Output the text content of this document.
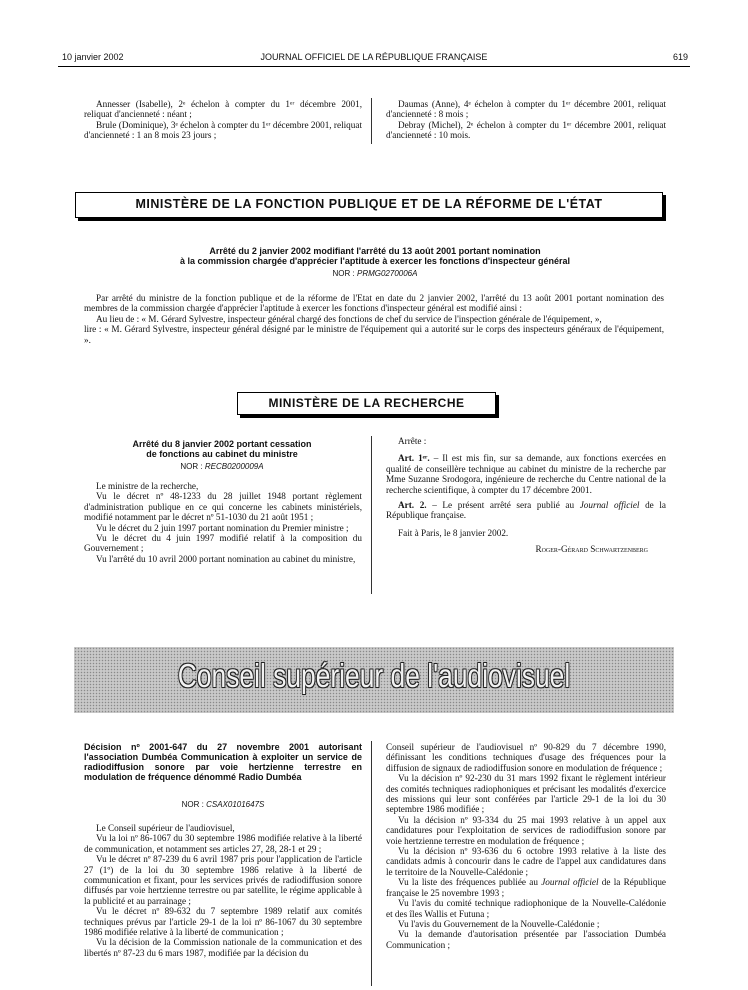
10 janvier 2002	JOURNAL OFFICIEL DE LA RÉPUBLIQUE FRANÇAISE	619

Annesser (Isabelle), 2ᵉ échelon à compter du 1ᵉʳ décembre 2001, reliquat d'ancienneté : néant ;

Brule (Dominique), 3ᵉ échelon à compter du 1ᵉʳ décembre 2001, reliquat d'ancienneté : 1 an 8 mois 23 jours ;

Daumas (Anne), 4ᵉ échelon à compter du 1ᵉʳ décembre 2001, reliquat d'ancienneté : 8 mois ;

Debray (Michel), 2ᵉ échelon à compter du 1ᵉʳ décembre 2001, reliquat d'ancienneté : 10 mois.

MINISTÈRE DE LA FONCTION PUBLIQUE ET DE LA RÉFORME DE L'ÉTAT
Arrêté du 2 janvier 2002 modifiant l'arrêté du 13 août 2001 portant nomination
à la commission chargée d'apprécier l'aptitude à exercer les fonctions d'inspecteur général
NOR : PRMG0270006A

Par arrêté du ministre de la fonction publique et de la réforme de l'Etat en date du 2 janvier 2002, l'arrêté du 13 août 2001 portant nomination des membres de la commission chargée d'apprécier l'aptitude à exercer les fonctions d'inspecteur général est modifié ainsi :

Au lieu de : « M. Gérard Sylvestre, inspecteur général chargé des fonctions de chef du service de l'inspection générale de l'équipement, »,

lire : « M. Gérard Sylvestre, inspecteur général désigné par le ministre de l'équipement qui a autorité sur le corps des inspecteurs généraux de l'équipement, ».

MINISTÈRE DE LA RECHERCHE
Arrêté du 8 janvier 2002 portant cessation
de fonctions au cabinet du ministre
NOR : RECB0200009A

Le ministre de la recherche,

Vu le décret nº 48-1233 du 28 juillet 1948 portant règlement d'administration publique en ce qui concerne les cabinets ministériels, modifié notamment par le décret nº 51-1030 du 21 août 1951 ;

Vu le décret du 2 juin 1997 portant nomination du Premier ministre ;

Vu le décret du 4 juin 1997 modifié relatif à la composition du Gouvernement ;

Vu l'arrêté du 10 avril 2000 portant nomination au cabinet du ministre,

Arrête :

Art. 1ᵉʳ. – Il est mis fin, sur sa demande, aux fonctions exercées en qualité de conseillère technique au cabinet du ministre de la recherche par Mme Suzanne Srodogora, ingénieure de recherche du Centre national de la recherche scientifique, à compter du 17 décembre 2001.

Art. 2. – Le présent arrêté sera publié au Journal officiel de la République française.

Fait à Paris, le 8 janvier 2002.

Roger-Gérard Schwartzenberg

Conseil supérieur de l'audiovisuel
Décision nº 2001-647 du 27 novembre 2001 autorisant l'association Dumbéa Communication à exploiter un service de radiodiffusion sonore par voie hertzienne terrestre en modulation de fréquence dénommé Radio Dumbéa
NOR : CSAX0101647S

Le Conseil supérieur de l'audiovisuel,

Vu la loi nº 86-1067 du 30 septembre 1986 modifiée relative à la liberté de communication, et notamment ses articles 27, 28, 28-1 et 29 ;

Vu le décret nº 87-239 du 6 avril 1987 pris pour l'application de l'article 27 (1º) de la loi du 30 septembre 1986 relative à la liberté de communication et fixant, pour les services privés de radiodiffusion sonore diffusés par voie hertzienne terrestre ou par satellite, le régime applicable à la publicité et au parrainage ;

Vu le décret nº 89-632 du 7 septembre 1989 relatif aux comités techniques prévus par l'article 29-1 de la loi nº 86-1067 du 30 septembre 1986 modifiée relative à la liberté de communication ;

Vu la décision de la Commission nationale de la communication et des libertés nº 87-23 du 6 mars 1987, modifiée par la décision du

Conseil supérieur de l'audiovisuel nº 90-829 du 7 décembre 1990, définissant les conditions techniques d'usage des fréquences pour la diffusion de signaux de radiodiffusion sonore en modulation de fréquence ;

Vu la décision nº 92-230 du 31 mars 1992 fixant le règlement intérieur des comités techniques radiophoniques et précisant les modalités d'exercice des missions qui leur sont conférées par l'article 29-1 de la loi du 30 septembre 1986 modifiée ;

Vu la décision nº 93-334 du 25 mai 1993 relative à un appel aux candidatures pour l'exploitation de services de radiodiffusion sonore par voie hertzienne terrestre en modulation de fréquence ;

Vu la décision nº 93-636 du 6 octobre 1993 relative à la liste des candidats admis à concourir dans le cadre de l'appel aux candidatures dans le territoire de la Nouvelle-Calédonie ;

Vu la liste des fréquences publiée au Journal officiel de la République française le 25 novembre 1993 ;

Vu l'avis du comité technique radiophonique de la Nouvelle-Calédonie et des îles Wallis et Futuna ;

Vu l'avis du Gouvernement de la Nouvelle-Calédonie ;

Vu la demande d'autorisation présentée par l'association Dumbéa Communication ;
